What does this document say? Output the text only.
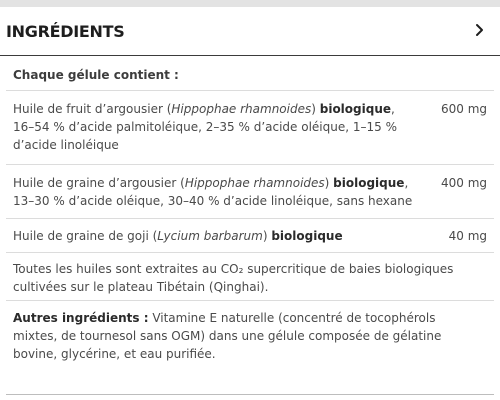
INGRÉDIENTS
Chaque gélule contient :
Huile de fruit d’argousier (Hippophae rhamnoides) biologique, 16–54 % d’acide palmitoléique, 2–35 % d’acide oléique, 1–15 % d’acide linoléique
600 mg
Huile de graine d’argousier (Hippophae rhamnoides) biologique, 13–30 % d’acide oléique, 30–40 % d’acide linoléique, sans hexane
400 mg
Huile de graine de goji (Lycium barbarum) biologique	40 mg
Toutes les huiles sont extraites au CO₂ supercritique de baies biologiques cultivées sur le plateau Tibétain (Qinghai).
Autres ingrédients : Vitamine E naturelle (concentré de tocophérols mixtes, de tournesol sans OGM) dans une gélule composée de gélatine bovine, glycérine, et eau purifiée.
